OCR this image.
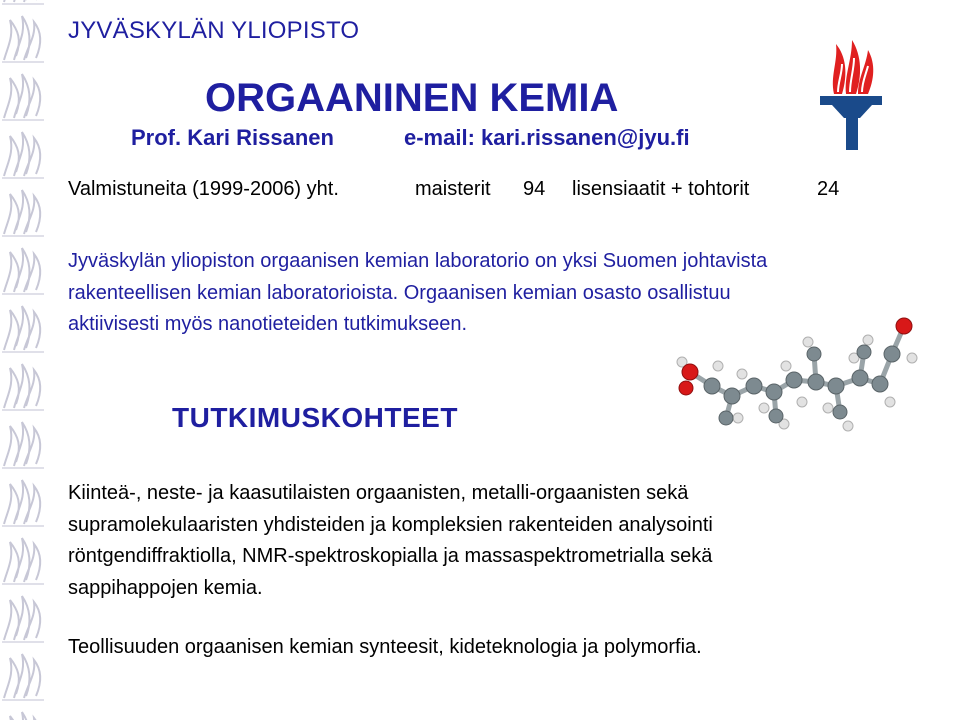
JYVÄSKYLÄN YLIOPISTO
ORGAANINEN KEMIA
Prof. Kari Rissanen	e-mail: kari.rissanen@jyu.fi
Valmistuneita (1999-2006) yht.	maisterit 94 lisensiaatit + tohtorit	24

Jyväskylän yliopiston orgaanisen kemian laboratorio on yksi Suomen johtavista

rakenteellisen kemian laboratorioista. Orgaanisen kemian osasto osallistuu

aktiivisesti myös nanotieteiden tutkimukseen.

TUTKIMUSKOHTEET

Kiinteä-, neste- ja kaasutilaisten orgaanisten, metalli-orgaanisten sekä

supramolekulaaristen yhdisteiden ja kompleksien rakenteiden analysointi

röntgendiffraktiolla, NMR-spektroskopialla ja massaspektrometrialla sekä

sappihappojen kemia.

Teollisuuden orgaanisen kemian synteesit, kideteknologia ja polymorfia.
